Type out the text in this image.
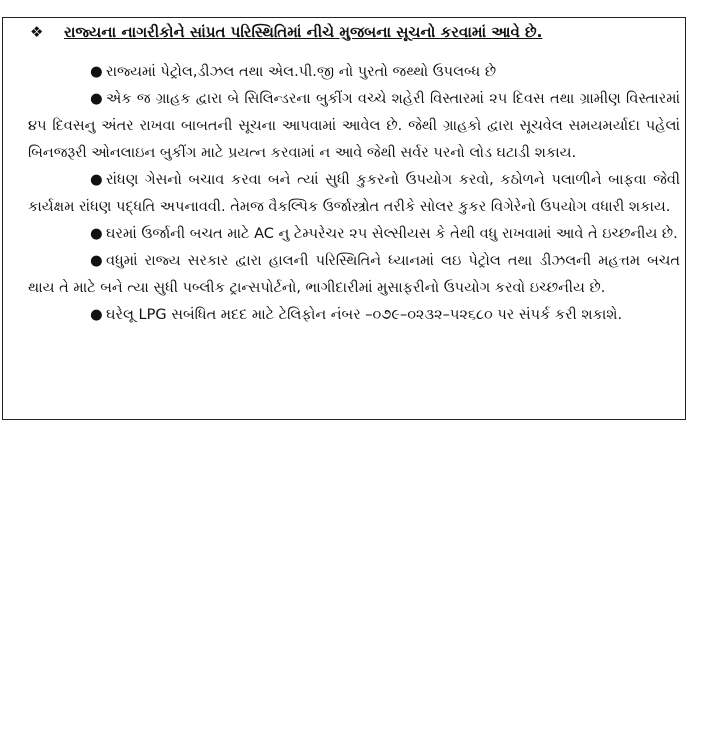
❖ રાજ્યના નાગરીકોને સાંપ્રત પરિસ્થિતિમાં નીચે મુજબના સૂચનો કરવામાં આવે છે.

● રાજ્યમાં પેટ્રોલ,ડીઝલ તથા એલ.પી.જી નો પુરતો જથ્થો ઉપલબ્ધ છે

● એક જ ગ્રાહક દ્વારા બે સિલિન્ડરના બુકીંગ વચ્ચે શહેરી વિસ્તારમાં ૨૫ દિવસ તથા ગ્રામીણ વિસ્તારમાં ૪૫ દિવસનુ અંતર રાખવા બાબતની સૂચના આપવામાં આવેલ છે. જેથી ગ્રાહકો દ્વારા સૂચવેલ સમયમર્યાદા પહેલાં બિનજરૂરી ઓનલાઇન બુકીંગ માટે પ્રયત્ન કરવામાં ન આવે જેથી સર્વર પરનો લોડ ઘટાડી શકાય.

● રાંધણ ગેસનો બચાવ કરવા બને ત્યાં સુધી કુકરનો ઉપયોગ કરવો, કઠોળને પલાળીને બાફવા જેવી કાર્યક્ષમ રાંધણ પદ્ધતિ અપનાવવી. તેમજ વૈકલ્પિક ઉર્જાસ્ત્રોત તરીકે સોલર કુકર વિગેરેનો ઉપયોગ વધારી શકાય.

● ઘરમાં ઉર્જાની બચત માટે AC નુ ટેમ્પરેચર ૨૫ સેલ્સીયસ કે તેથી વધુ રાખવામાં આવે તે ઇચ્છનીય છે.

● વધુમાં રાજ્ય સરકાર દ્વારા હાલની પરિસ્થિતિને ધ્યાનમાં લઇ પેટ્રોલ તથા ડીઝલની મહત્તમ બચત થાય તે માટે બને ત્યા સુધી પબ્લીક ટ્રાન્સપોર્ટનો, ભાગીદારીમાં મુસાફરીનો ઉપયોગ કરવો ઇચ્છનીય છે.

● ઘરેલૂ LPG સબંધિત મદદ માટે ટેલિફોન નંબર –૦૭૯–૦૨૩૨–૫૨૬૮૦ પર સંપર્ક કરી શકાશે.
